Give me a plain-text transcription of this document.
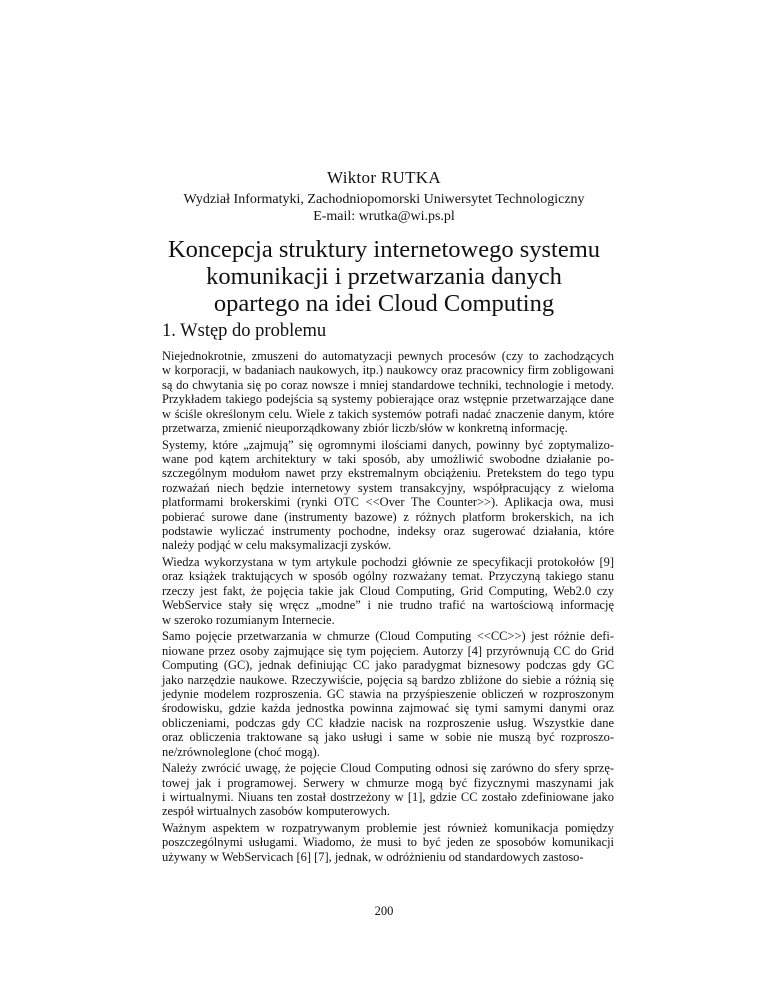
Wiktor RUTKA
Wydział Informatyki, Zachodniopomorski Uniwersytet Technologiczny
E-mail: wrutka@wi.ps.pl
Koncepcja struktury internetowego systemu
komunikacji i przetwarzania danych
opartego na idei Cloud Computing
1. Wstęp do problemu

Niejednokrotnie, zmuszeni do automatyzacji pewnych procesów (czy to zachodzących
w korporacji, w badaniach naukowych, itp.) naukowcy oraz pracownicy firm zobligowani
są do chwytania się po coraz nowsze i mniej standardowe techniki, technologie i metody.
Przykładem takiego podejścia są systemy pobierające oraz wstępnie przetwarzające dane
w ściśle określonym celu. Wiele z takich systemów potrafi nadać znaczenie danym, które
przetwarza, zmienić nieuporządkowany zbiór liczb/słów w konkretną informację.

Systemy, które „zajmują” się ogromnymi ilościami danych, powinny być zoptymalizo-
wane pod kątem architektury w taki sposób, aby umożliwić swobodne działanie po-
szczególnym modułom nawet przy ekstremalnym obciążeniu. Pretekstem do tego typu
rozważań niech będzie internetowy system transakcyjny, współpracujący z wieloma
platformami brokerskimi (rynki OTC <<Over The Counter>>). Aplikacja owa, musi
pobierać surowe dane (instrumenty bazowe) z różnych platform brokerskich, na ich
podstawie wyliczać instrumenty pochodne, indeksy oraz sugerować działania, które
należy podjąć w celu maksymalizacji zysków.

Wiedza wykorzystana w tym artykule pochodzi głównie ze specyfikacji protokołów [9]
oraz książek traktujących w sposób ogólny rozważany temat. Przyczyną takiego stanu
rzeczy jest fakt, że pojęcia takie jak Cloud Computing, Grid Computing, Web2.0 czy
WebService stały się wręcz „modne” i nie trudno trafić na wartościową informację
w szeroko rozumianym Internecie.

Samo pojęcie przetwarzania w chmurze (Cloud Computing <<CC>>) jest różnie defi-
niowane przez osoby zajmujące się tym pojęciem. Autorzy [4] przyrównują CC do Grid
Computing (GC), jednak definiując CC jako paradygmat biznesowy podczas gdy GC
jako narzędzie naukowe. Rzeczywiście, pojęcia są bardzo zbliżone do siebie a różnią się
jedynie modelem rozproszenia. GC stawia na przyśpieszenie obliczeń w rozproszonym
środowisku, gdzie każda jednostka powinna zajmować się tymi samymi danymi oraz
obliczeniami, podczas gdy CC kładzie nacisk na rozproszenie usług. Wszystkie dane
oraz obliczenia traktowane są jako usługi i same w sobie nie muszą być rozproszo-
ne/zrównoleglone (choć mogą).

Należy zwrócić uwagę, że pojęcie Cloud Computing odnosi się zarówno do sfery sprzę-
towej jak i programowej. Serwery w chmurze mogą być fizycznymi maszynami jak
i wirtualnymi. Niuans ten został dostrzeżony w [1], gdzie CC zostało zdefiniowane jako
zespół wirtualnych zasobów komputerowych.

Ważnym aspektem w rozpatrywanym problemie jest również komunikacja pomiędzy
poszczególnymi usługami. Wiadomo, że musi to być jeden ze sposobów komunikacji
używany w WebServicach [6] [7], jednak, w odróżnieniu od standardowych zastoso-

200
